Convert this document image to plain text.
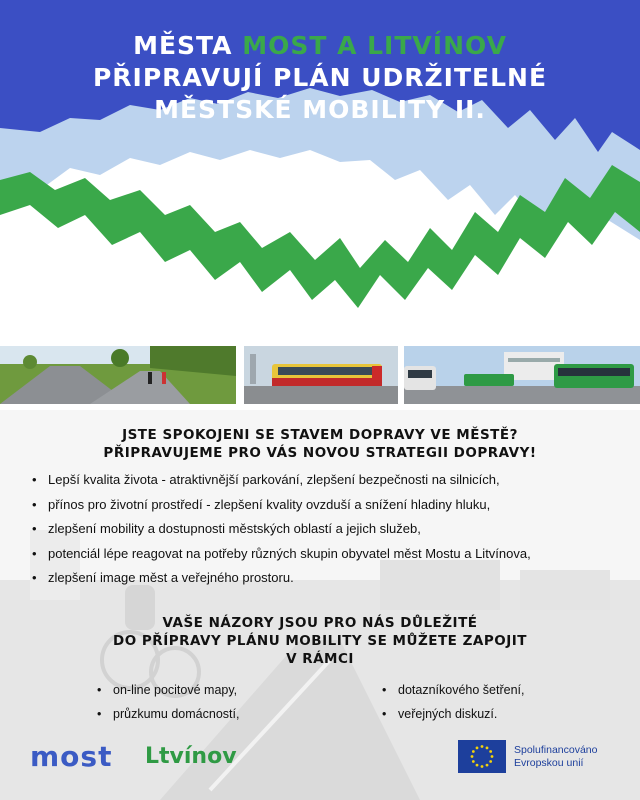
MĚSTA MOST A LITVÍNOV
PŘIPRAVUJÍ PLÁN UDRŽITELNÉ
MĚSTSKÉ MOBILITY II.
JSTE SPOKOJENI SE STAVEM DOPRAVY VE MĚSTĚ?
PŘIPRAVUJEME PRO VÁS NOVOU STRATEGII DOPRAVY!
• Lepší kvalita života - atraktivnější parkování, zlepšení bezpečnosti na silnicích,
• přínos pro životní prostředí - zlepšení kvality ovzduší a snížení hladiny hluku,
• zlepšení mobility a dostupnosti městských oblastí a jejich služeb,
• potenciál lépe reagovat na potřeby různých skupin obyvatel měst Mostu a Litvínova,
• zlepšení image měst a veřejného prostoru.
VAŠE NÁZORY JSOU PRO NÁS DŮLEŽITÉ
DO PŘÍPRAVY PLÁNU MOBILITY SE MŮŽETE ZAPOJIT
V RÁMCI
• on-line pocitové mapy,
• průzkumu domácností,
• dotazníkového šetření,
• veřejných diskuzí.
most Ltvínov	Spolufinancováno
Evropskou unií
